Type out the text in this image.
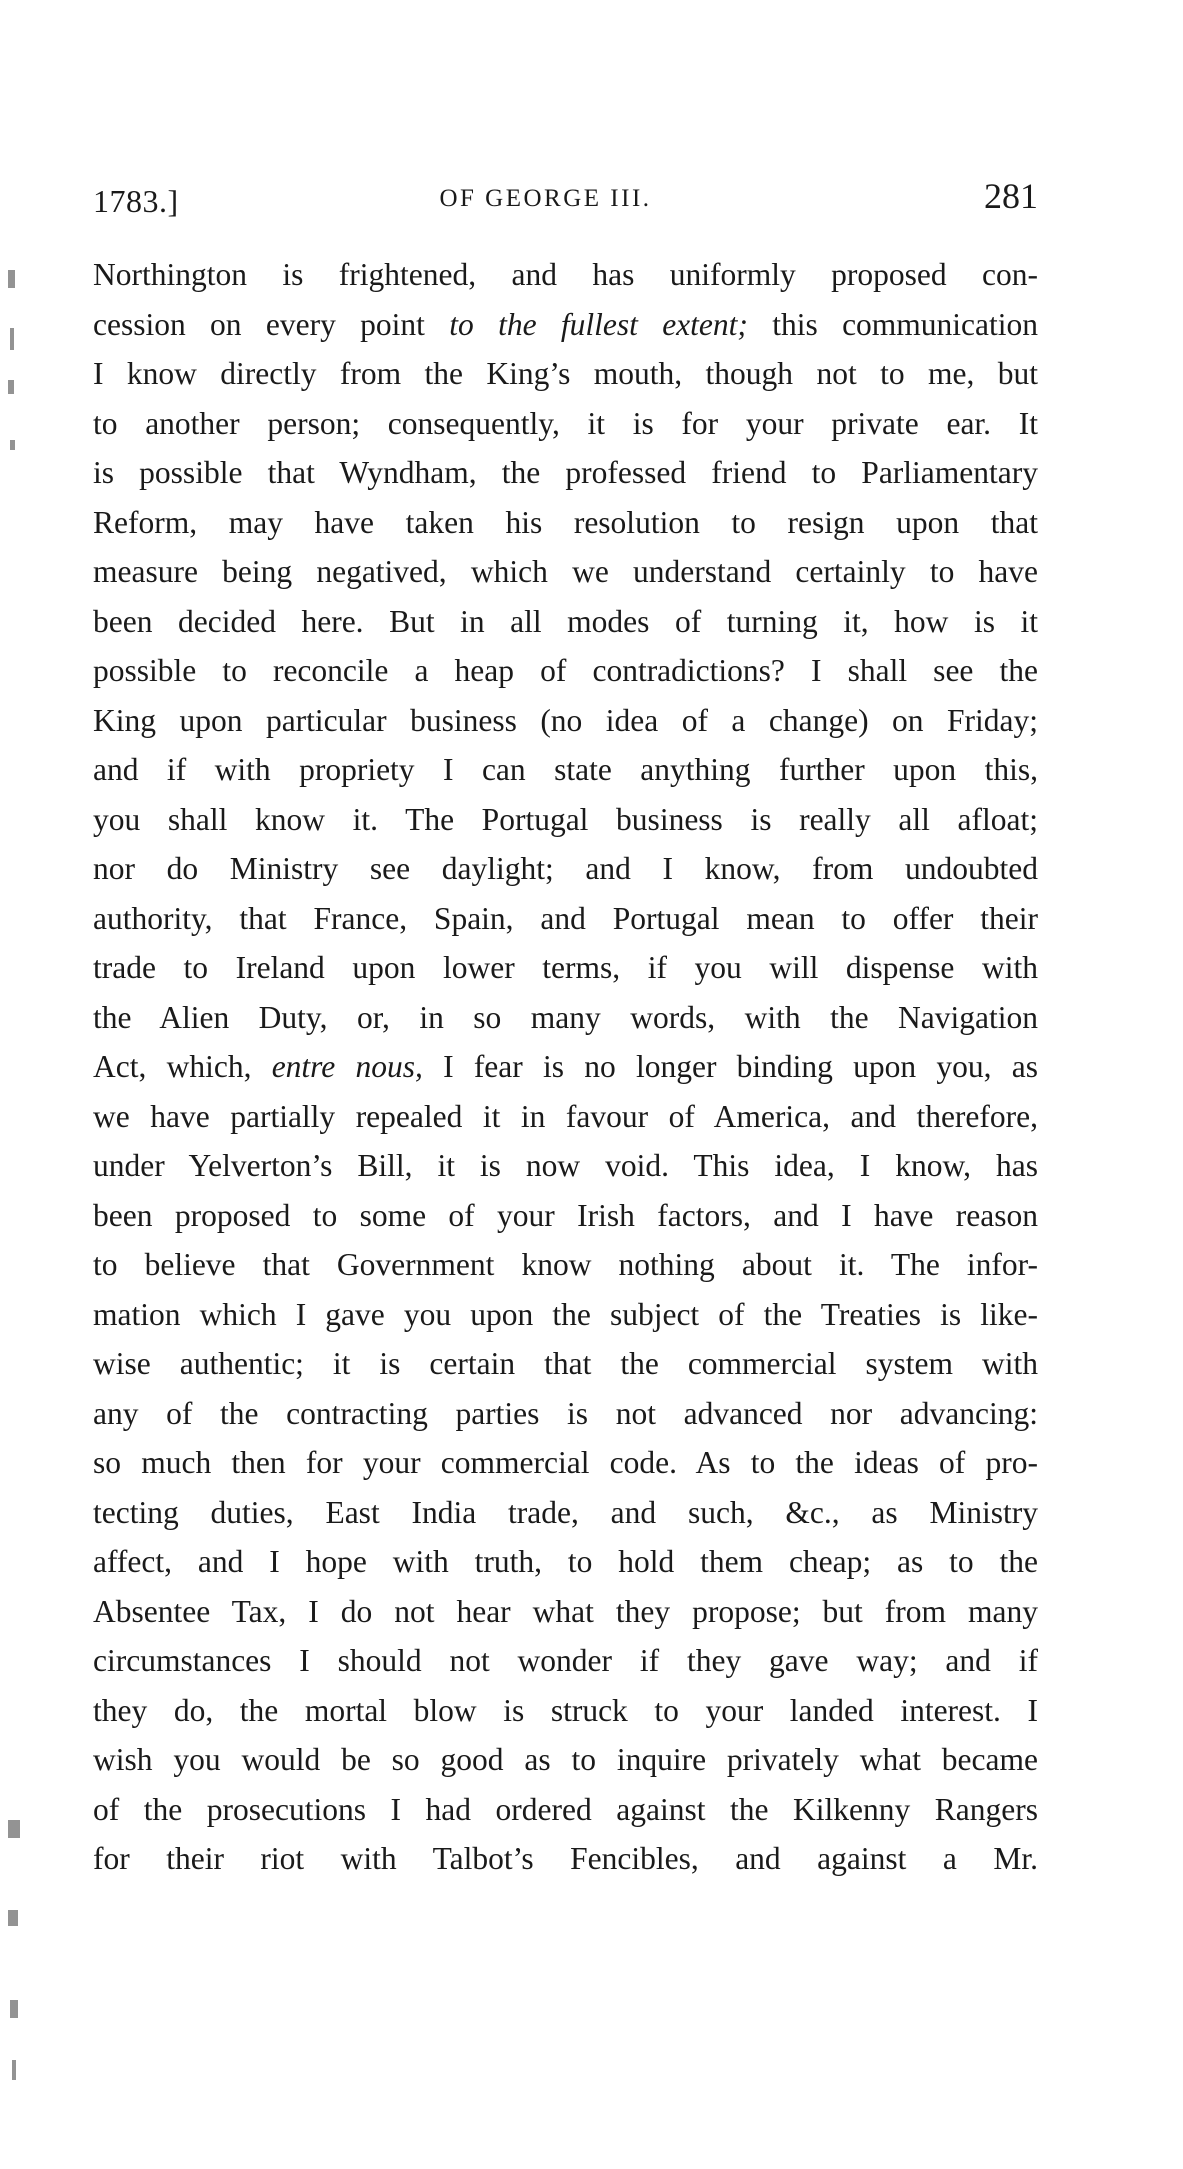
1783.]	OF GEORGE III.	281
Northington is frightened, and has uniformly proposed con-
cession on every point to the fullest extent; this communication
I know directly from the King’s mouth, though not to me, but
to another person; consequently, it is for your private ear. It
is possible that Wyndham, the professed friend to Parliamentary
Reform, may have taken his resolution to resign upon that
measure being negatived, which we understand certainly to have
been decided here. But in all modes of turning it, how is it
possible to reconcile a heap of contradictions? I shall see the
King upon particular business (no idea of a change) on Friday;
and if with propriety I can state anything further upon this,
you shall know it. The Portugal business is really all afloat;
nor do Ministry see daylight; and I know, from undoubted
authority, that France, Spain, and Portugal mean to offer their
trade to Ireland upon lower terms, if you will dispense with
the Alien Duty, or, in so many words, with the Navigation
Act, which, entre nous, I fear is no longer binding upon you, as
we have partially repealed it in favour of America, and therefore,
under Yelverton’s Bill, it is now void. This idea, I know, has
been proposed to some of your Irish factors, and I have reason
to believe that Government know nothing about it. The infor-
mation which I gave you upon the subject of the Treaties is like-
wise authentic; it is certain that the commercial system with
any of the contracting parties is not advanced nor advancing:
so much then for your commercial code. As to the ideas of pro-
tecting duties, East India trade, and such, &c., as Ministry
affect, and I hope with truth, to hold them cheap; as to the
Absentee Tax, I do not hear what they propose; but from many
circumstances I should not wonder if they gave way; and if
they do, the mortal blow is struck to your landed interest. I
wish you would be so good as to inquire privately what became
of the prosecutions I had ordered against the Kilkenny Rangers
for their riot with Talbot’s Fencibles, and against a Mr.
